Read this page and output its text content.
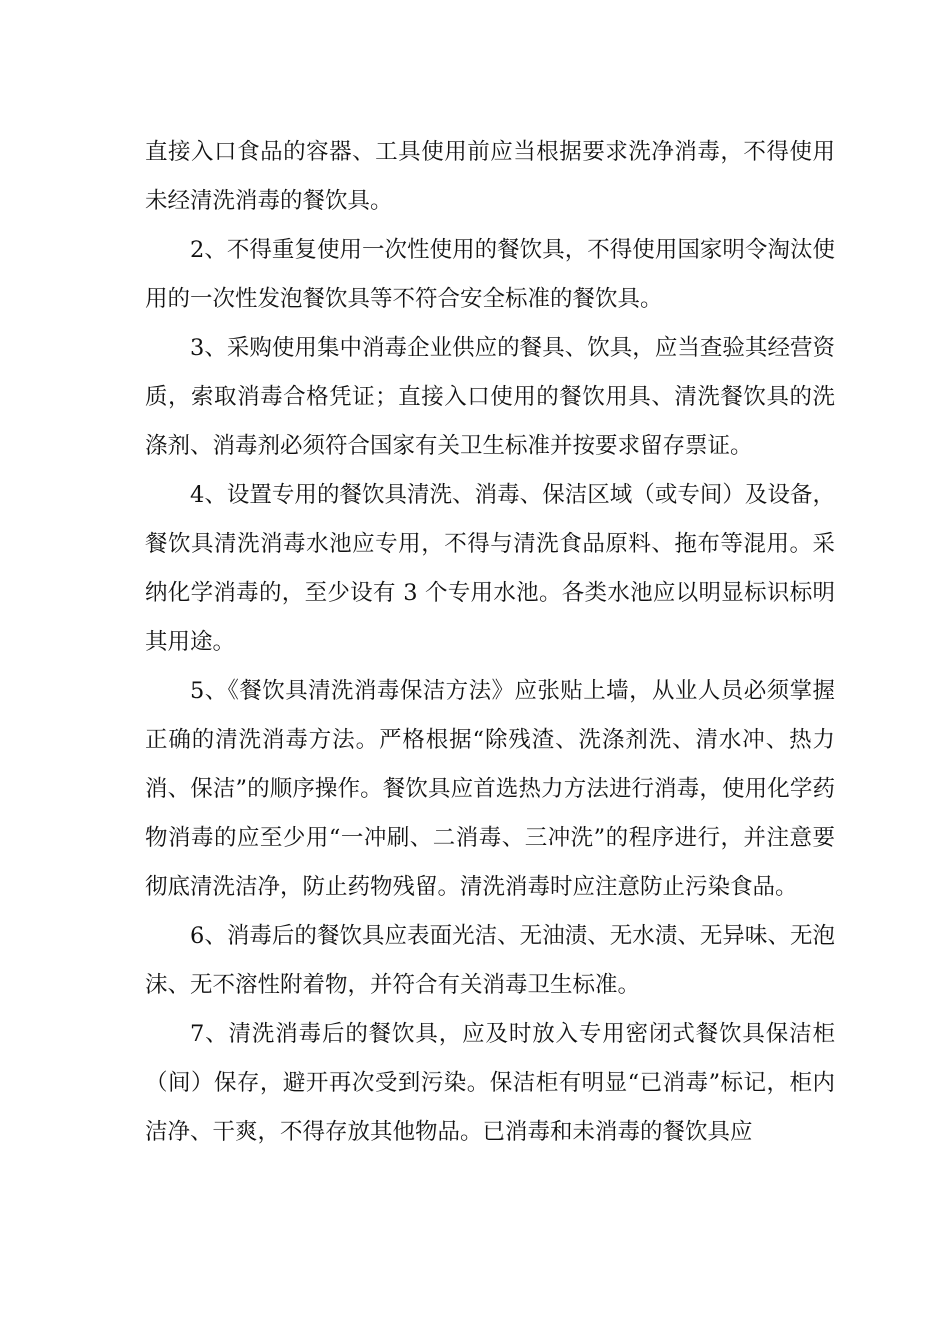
直接入口食品的容器、工具使用前应当根据要求洗净消毒，不得使用未经清洗消毒的餐饮具。

2、不得重复使用一次性使用的餐饮具，不得使用国家明令淘汰使用的一次性发泡餐饮具等不符合安全标准的餐饮具。

3、采购使用集中消毒企业供应的餐具、饮具，应当查验其经营资质，索取消毒合格凭证；直接入口使用的餐饮用具、清洗餐饮具的洗涤剂、消毒剂必须符合国家有关卫生标准并按要求留存票证。

4、设置专用的餐饮具清洗、消毒、保洁区域（或专间）及设备，餐饮具清洗消毒水池应专用，不得与清洗食品原料、拖布等混用。采纳化学消毒的，至少设有 3 个专用水池。各类水池应以明显标识标明其用途。

5、《餐饮具清洗消毒保洁方法》应张贴上墙，从业人员必须掌握正确的清洗消毒方法。严格根据“除残渣、洗涤剂洗、清水冲、热力消、保洁”的顺序操作。餐饮具应首选热力方法进行消毒，使用化学药物消毒的应至少用“一冲刷、二消毒、三冲洗”的程序进行，并注意要彻底清洗洁净，防止药物残留。清洗消毒时应注意防止污染食品。

6、消毒后的餐饮具应表面光洁、无油渍、无水渍、无异味、无泡沫、无不溶性附着物，并符合有关消毒卫生标准。

7、清洗消毒后的餐饮具，应及时放入专用密闭式餐饮具保洁柜（间）保存，避开再次受到污染。保洁柜有明显“已消毒”标记，柜内洁净、干爽，不得存放其他物品。已消毒和未消毒的餐饮具应
